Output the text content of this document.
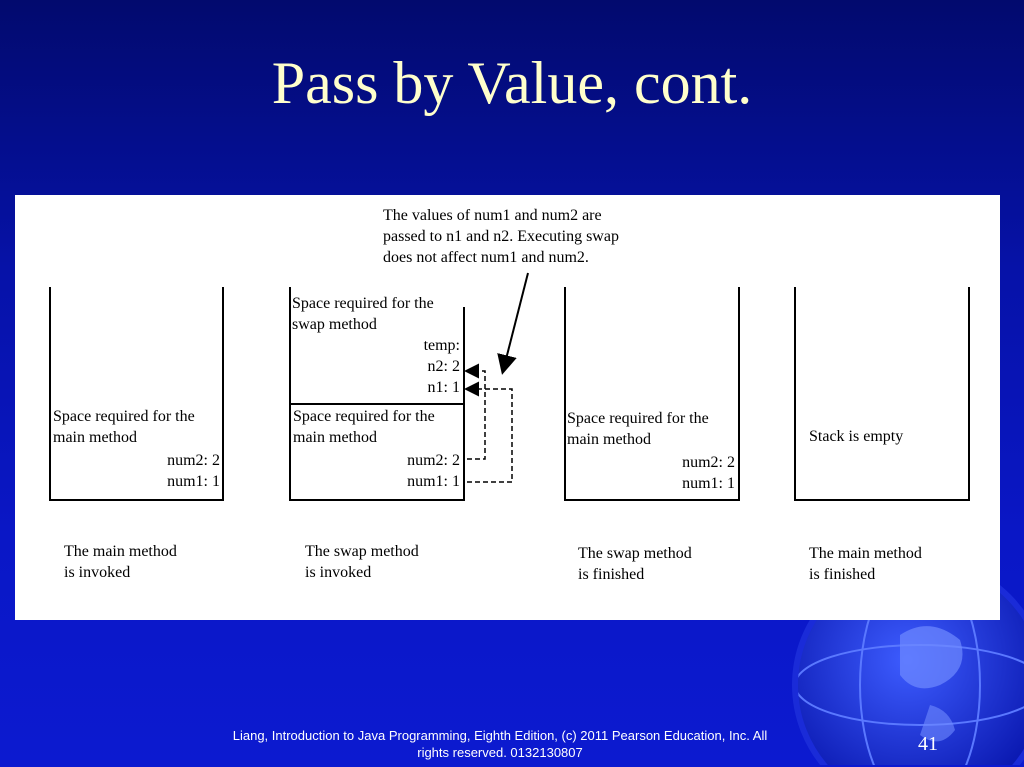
Pass by Value, cont.
The values of num1 and num2 are
passed to n1 and n2. Executing swap
does not affect num1 and num2.
Space required for the
main method
num2: 2
num1: 1
The main method
is invoked
Space required for the
swap method
temp:
n2: 2
n1: 1
Space required for the
main method
num2: 2
num1: 1
The swap method
is invoked
Space required for the
main method
num2: 2
num1: 1
The swap method
is finished
Stack is empty
The main method
is finished
Liang, Introduction to Java Programming, Eighth Edition, (c) 2011 Pearson Education, Inc. All
rights reserved. 0132130807	41
